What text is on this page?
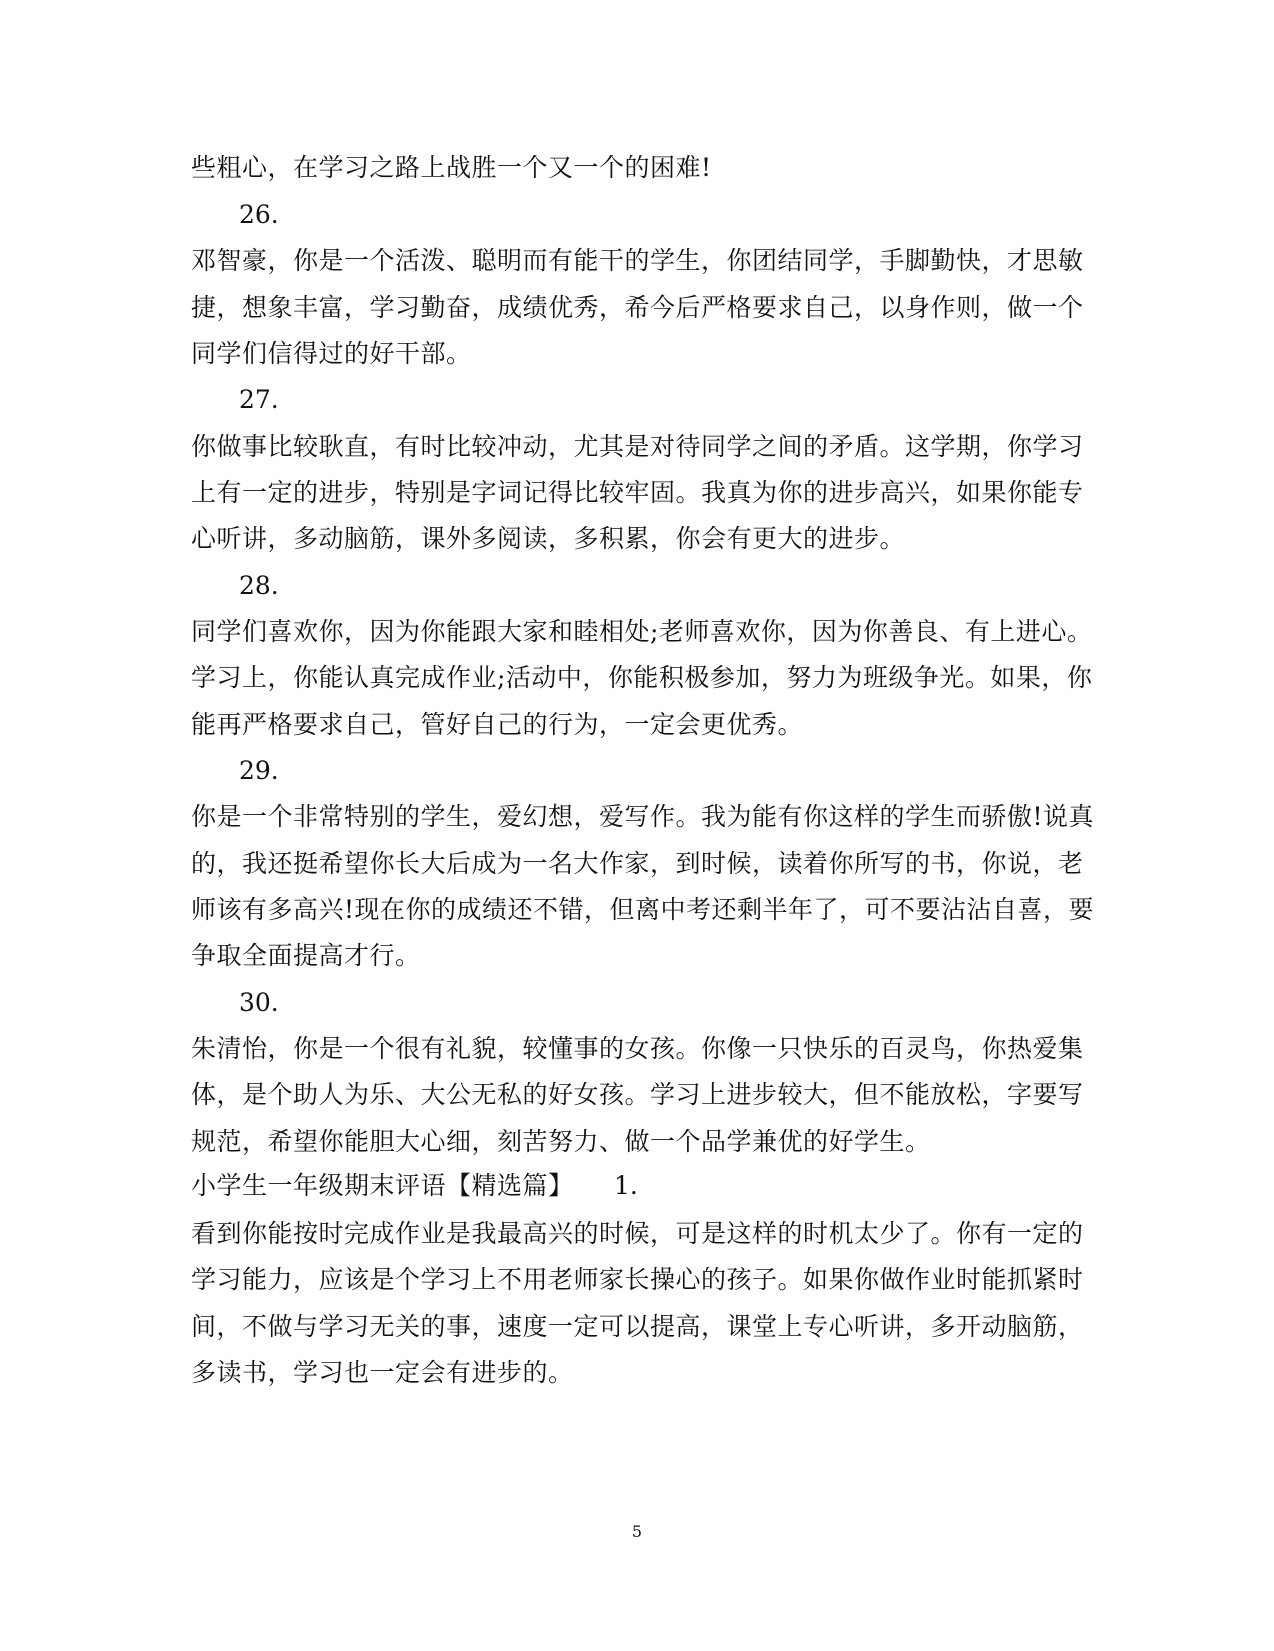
些粗心，在学习之路上战胜一个又一个的困难!
26.
邓智豪，你是一个活泼、聪明而有能干的学生，你团结同学，手脚勤快，才思敏
捷，想象丰富，学习勤奋，成绩优秀，希今后严格要求自己，以身作则，做一个
同学们信得过的好干部。
27.
你做事比较耿直，有时比较冲动，尤其是对待同学之间的矛盾。这学期，你学习
上有一定的进步，特别是字词记得比较牢固。我真为你的进步高兴，如果你能专
心听讲，多动脑筋，课外多阅读，多积累，你会有更大的进步。
28.
同学们喜欢你，因为你能跟大家和睦相处;老师喜欢你，因为你善良、有上进心。
学习上，你能认真完成作业;活动中，你能积极参加，努力为班级争光。如果，你
能再严格要求自己，管好自己的行为，一定会更优秀。
29.
你是一个非常特别的学生，爱幻想，爱写作。我为能有你这样的学生而骄傲!说真
的，我还挺希望你长大后成为一名大作家，到时候，读着你所写的书，你说，老
师该有多高兴!现在你的成绩还不错，但离中考还剩半年了，可不要沾沾自喜，要
争取全面提高才行。
30.
朱清怡，你是一个很有礼貌，较懂事的女孩。你像一只快乐的百灵鸟，你热爱集
体，是个助人为乐、大公无私的好女孩。学习上进步较大，但不能放松，字要写
规范，希望你能胆大心细，刻苦努力、做一个品学兼优的好学生。
小学生一年级期末评语【精选篇】 1.
看到你能按时完成作业是我最高兴的时候，可是这样的时机太少了。你有一定的
学习能力，应该是个学习上不用老师家长操心的孩子。如果你做作业时能抓紧时
间，不做与学习无关的事，速度一定可以提高，课堂上专心听讲，多开动脑筋，
多读书，学习也一定会有进步的。
5
